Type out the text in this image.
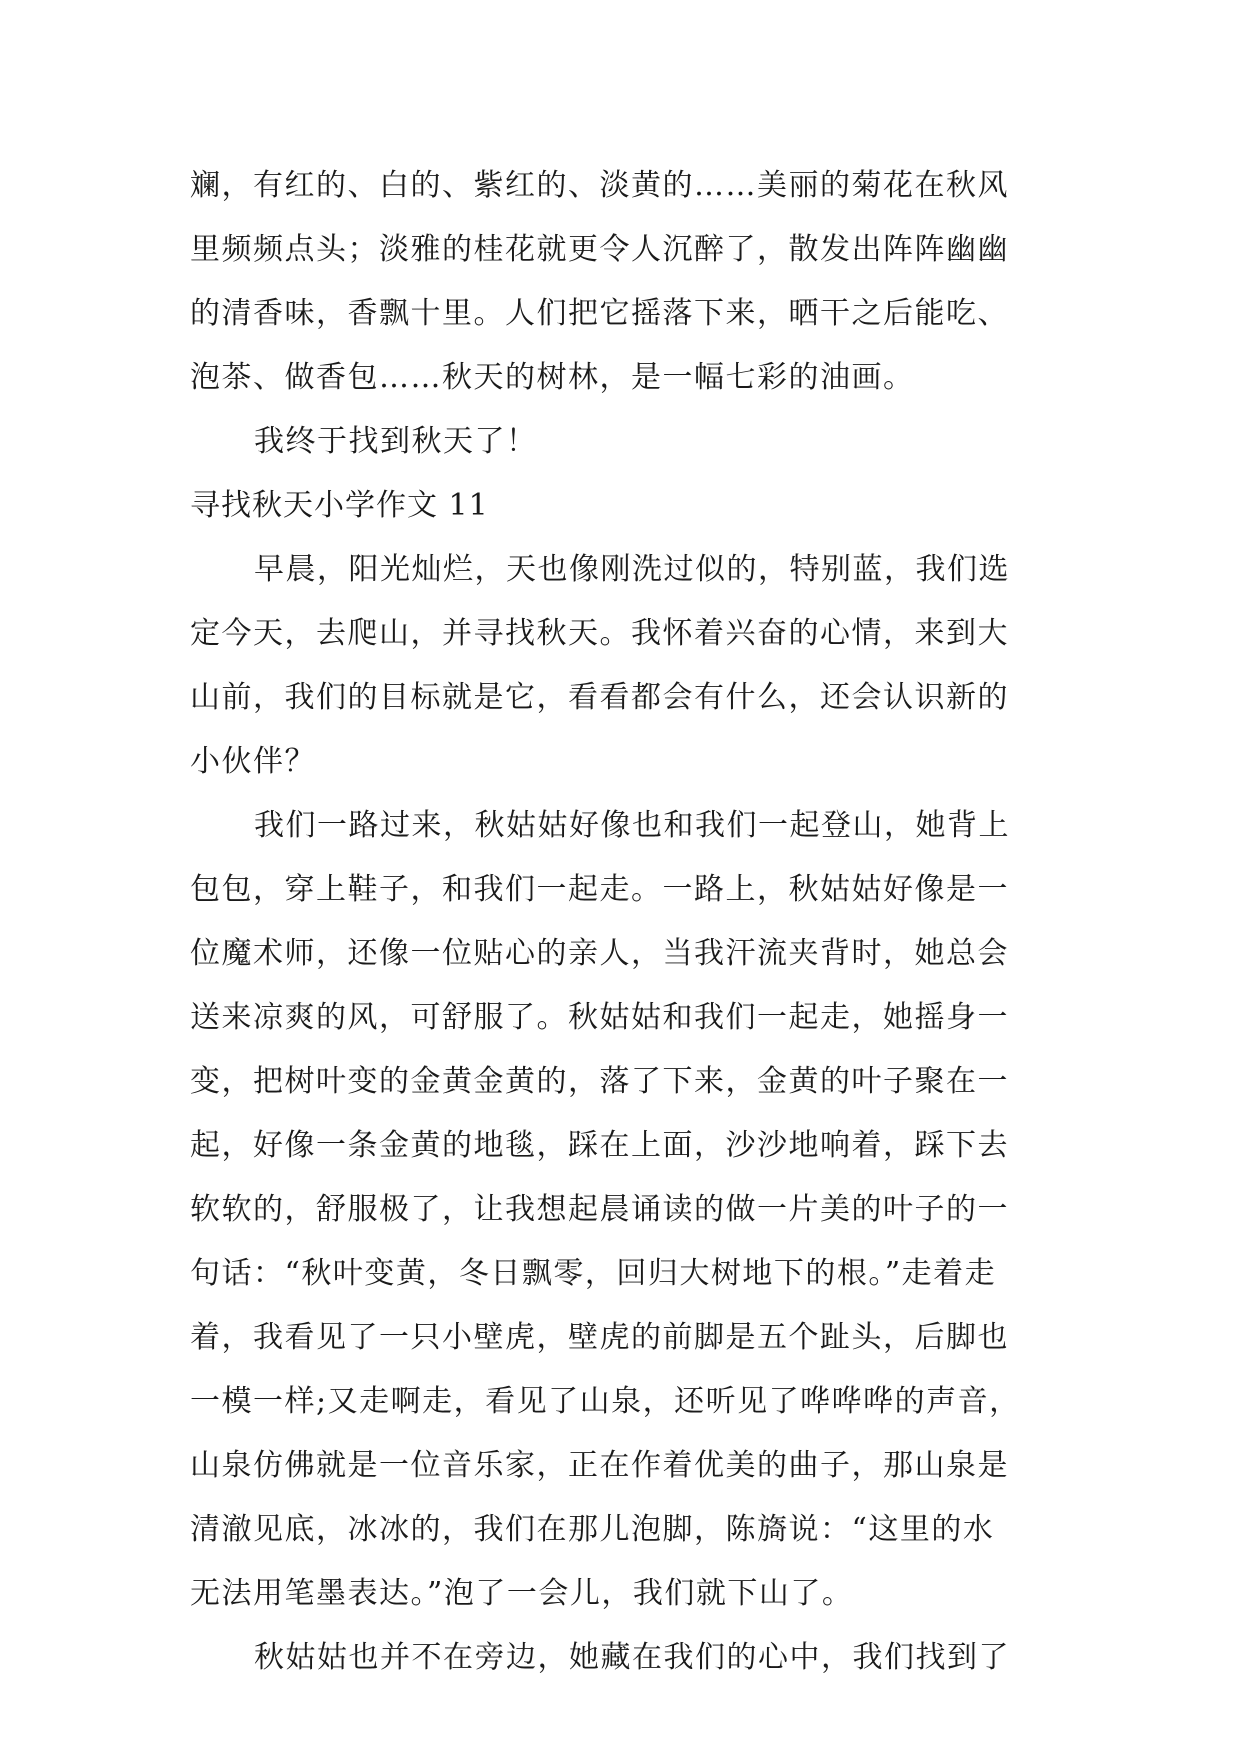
斓，有红的、白的、紫红的、淡黄的……美丽的菊花在秋风
里频频点头；淡雅的桂花就更令人沉醉了，散发出阵阵幽幽
的清香味，香飘十里。人们把它摇落下来，晒干之后能吃、
泡茶、做香包……秋天的树林，是一幅七彩的油画。
我终于找到秋天了！
寻找秋天小学作文 11
早晨，阳光灿烂，天也像刚洗过似的，特别蓝，我们选
定今天，去爬山，并寻找秋天。我怀着兴奋的心情，来到大
山前，我们的目标就是它，看看都会有什么，还会认识新的
小伙伴？
我们一路过来，秋姑姑好像也和我们一起登山，她背上
包包，穿上鞋子，和我们一起走。一路上，秋姑姑好像是一
位魔术师，还像一位贴心的亲人，当我汗流夹背时，她总会
送来凉爽的风，可舒服了。秋姑姑和我们一起走，她摇身一
变，把树叶变的金黄金黄的，落了下来，金黄的叶子聚在一
起，好像一条金黄的地毯，踩在上面，沙沙地响着，踩下去
软软的，舒服极了，让我想起晨诵读的做一片美的叶子的一
句话：“秋叶变黄，冬日飘零，回归大树地下的根。”走着走
着，我看见了一只小壁虎，壁虎的前脚是五个趾头，后脚也
一模一样;又走啊走，看见了山泉，还听见了哗哗哗的声音，
山泉仿佛就是一位音乐家，正在作着优美的曲子，那山泉是
清澈见底，冰冰的，我们在那儿泡脚，陈旖说：“这里的水
无法用笔墨表达。”泡了一会儿，我们就下山了。
秋姑姑也并不在旁边，她藏在我们的心中，我们找到了
